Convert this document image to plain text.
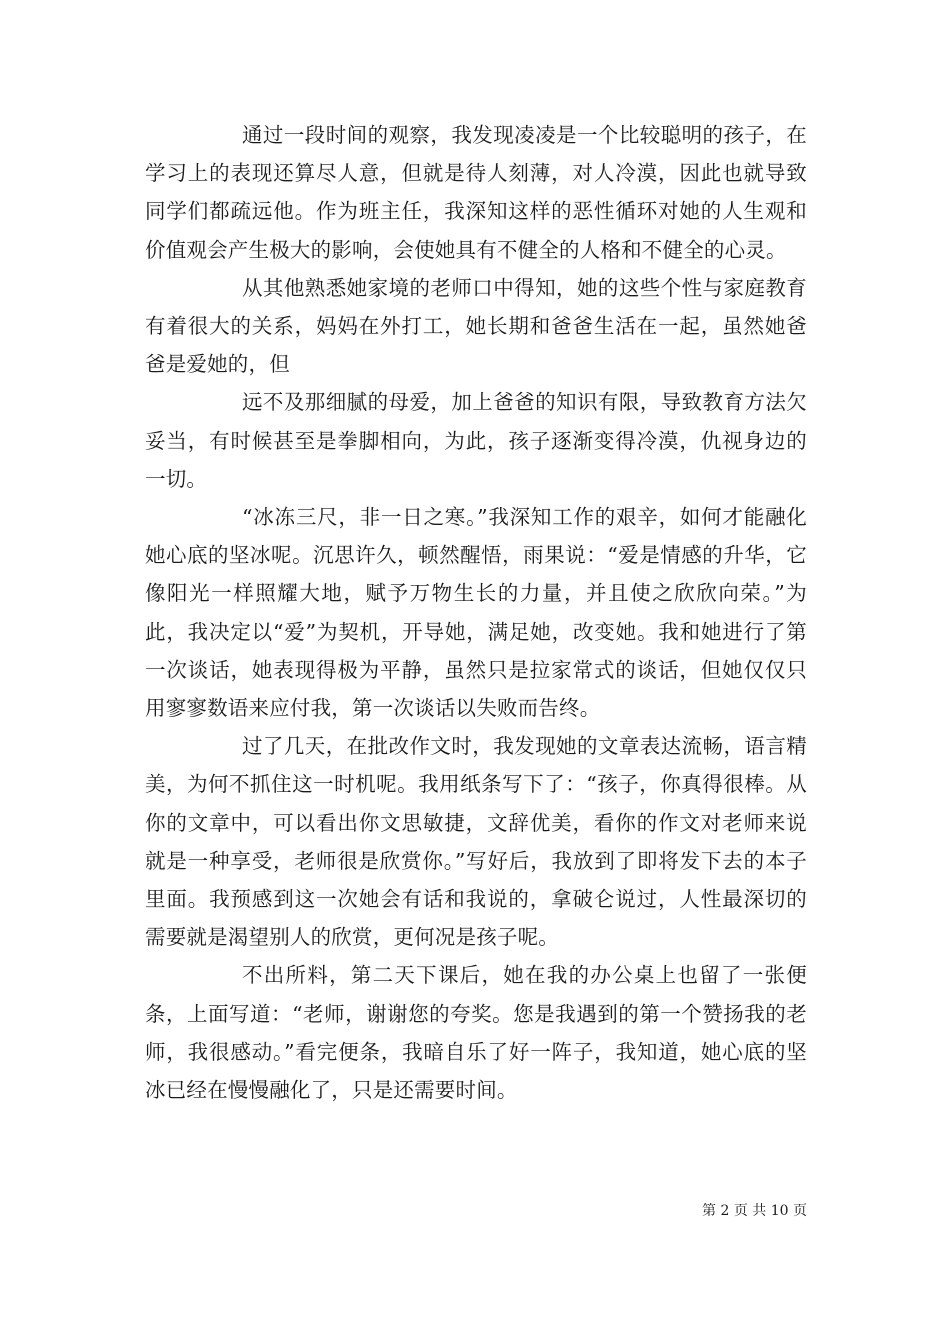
通过一段时间的观察，我发现凌凌是一个比较聪明的孩子，在学习上的表现还算尽人意，但就是待人刻薄，对人冷漠，因此也就导致同学们都疏远他。作为班主任，我深知这样的恶性循环对她的人生观和价值观会产生极大的影响，会使她具有不健全的人格和不健全的心灵。

从其他熟悉她家境的老师口中得知，她的这些个性与家庭教育有着很大的关系，妈妈在外打工，她长期和爸爸生活在一起，虽然她爸爸是爱她的，但

远不及那细腻的母爱，加上爸爸的知识有限，导致教育方法欠妥当，有时候甚至是拳脚相向，为此，孩子逐渐变得冷漠，仇视身边的一切。

“冰冻三尺，非一日之寒。”我深知工作的艰辛，如何才能融化她心底的坚冰呢。沉思许久，顿然醒悟，雨果说：“爱是情感的升华，它像阳光一样照耀大地，赋予万物生长的力量，并且使之欣欣向荣。”为此，我决定以“爱”为契机，开导她，满足她，改变她。我和她进行了第一次谈话，她表现得极为平静，虽然只是拉家常式的谈话，但她仅仅只用寥寥数语来应付我，第一次谈话以失败而告终。

过了几天，在批改作文时，我发现她的文章表达流畅，语言精美，为何不抓住这一时机呢。我用纸条写下了：“孩子，你真得很棒。从你的文章中，可以看出你文思敏捷，文辞优美，看你的作文对老师来说就是一种享受，老师很是欣赏你。”写好后，我放到了即将发下去的本子里面。我预感到这一次她会有话和我说的，拿破仑说过，人性最深切的需要就是渴望别人的欣赏，更何况是孩子呢。

不出所料，第二天下课后，她在我的办公桌上也留了一张便条，上面写道：“老师，谢谢您的夸奖。您是我遇到的第一个赞扬我的老师，我很感动。”看完便条，我暗自乐了好一阵子，我知道，她心底的坚冰已经在慢慢融化了，只是还需要时间。

第 2 页 共 10 页
